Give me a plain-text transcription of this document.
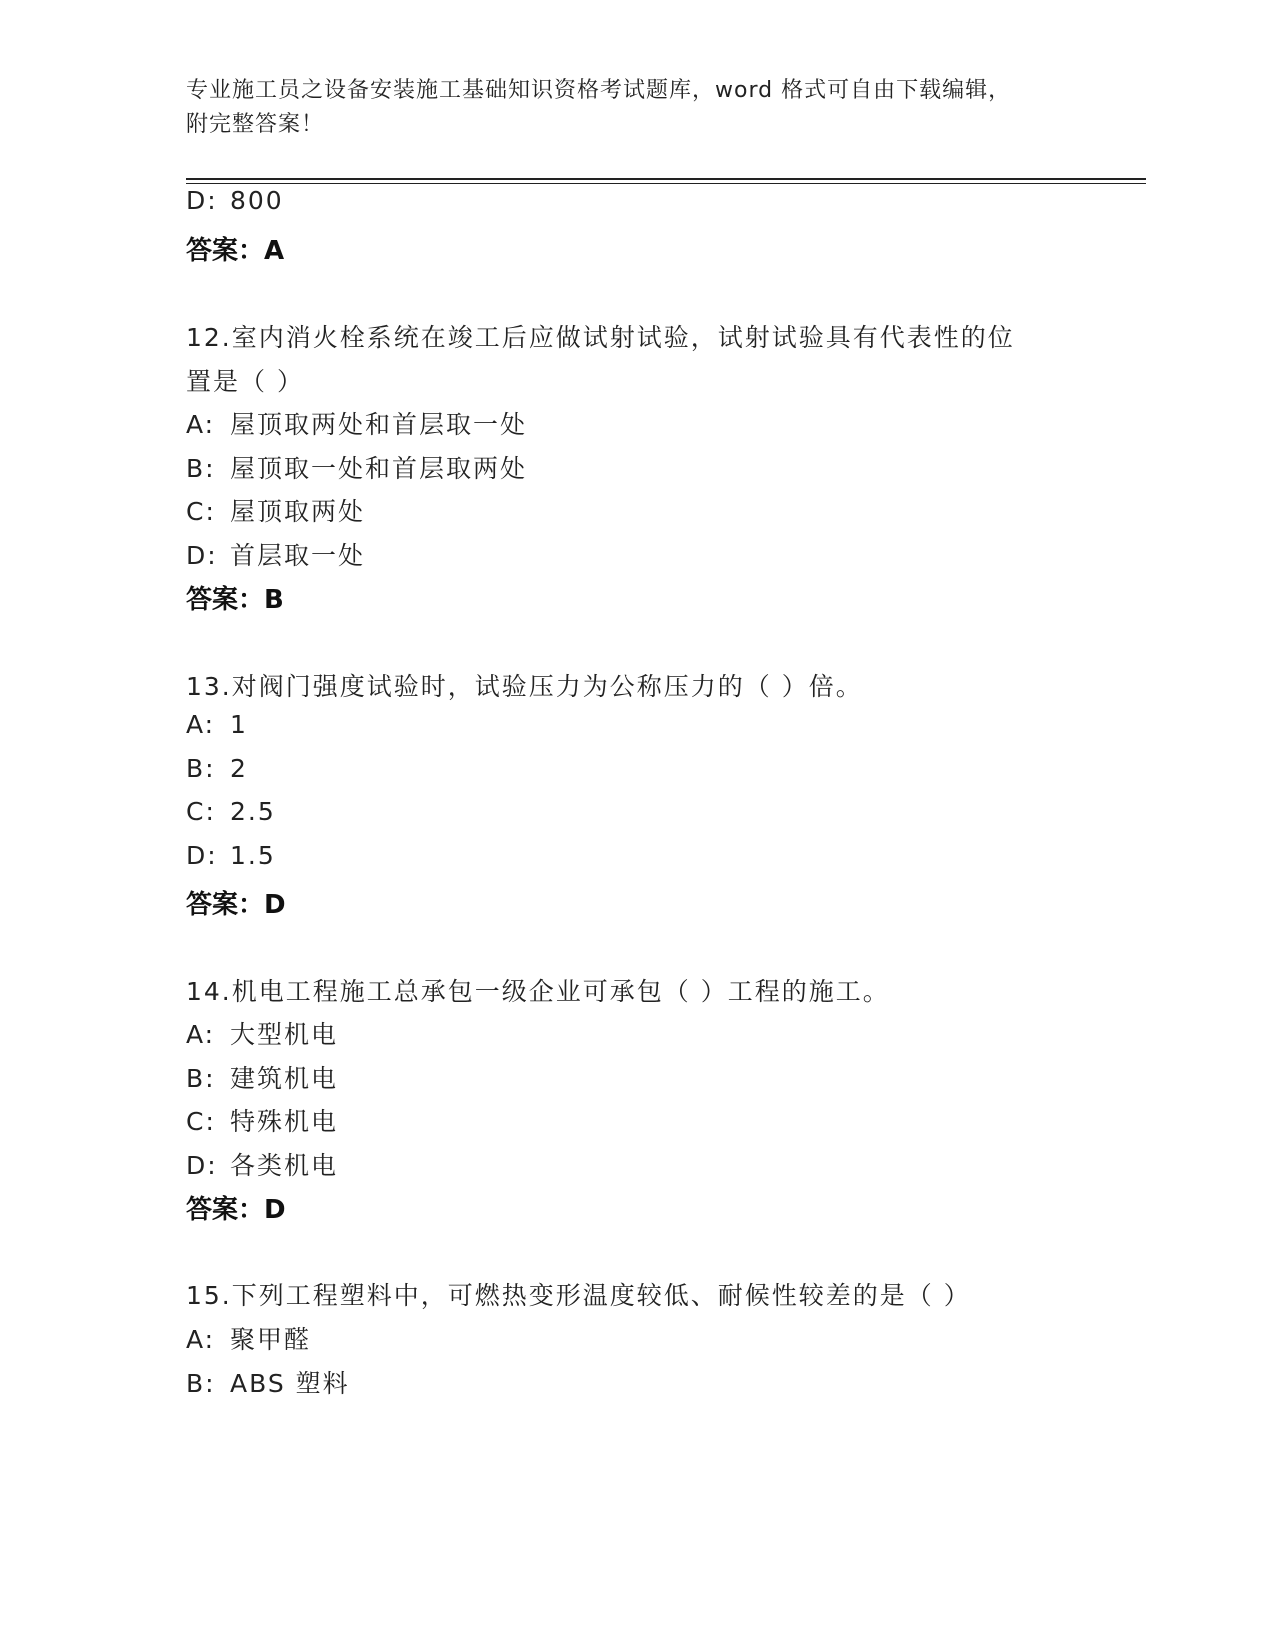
专业施工员之设备安装施工基础知识资格考试题库，word 格式可自由下载编辑，
附完整答案！
D: 800
答案：A
12.室内消火栓系统在竣工后应做试射试验，试射试验具有代表性的位
置是（ ）
A: 屋顶取两处和首层取一处
B: 屋顶取一处和首层取两处
C: 屋顶取两处
D: 首层取一处
答案：B
13.对阀门强度试验时，试验压力为公称压力的（ ）倍。
A: 1
B: 2
C: 2.5
D: 1.5
答案：D
14.机电工程施工总承包一级企业可承包（ ）工程的施工。
A: 大型机电
B: 建筑机电
C: 特殊机电
D: 各类机电
答案：D
15.下列工程塑料中，可燃热变形温度较低、耐候性较差的是（ ）
A: 聚甲醛
B: ABS 塑料
